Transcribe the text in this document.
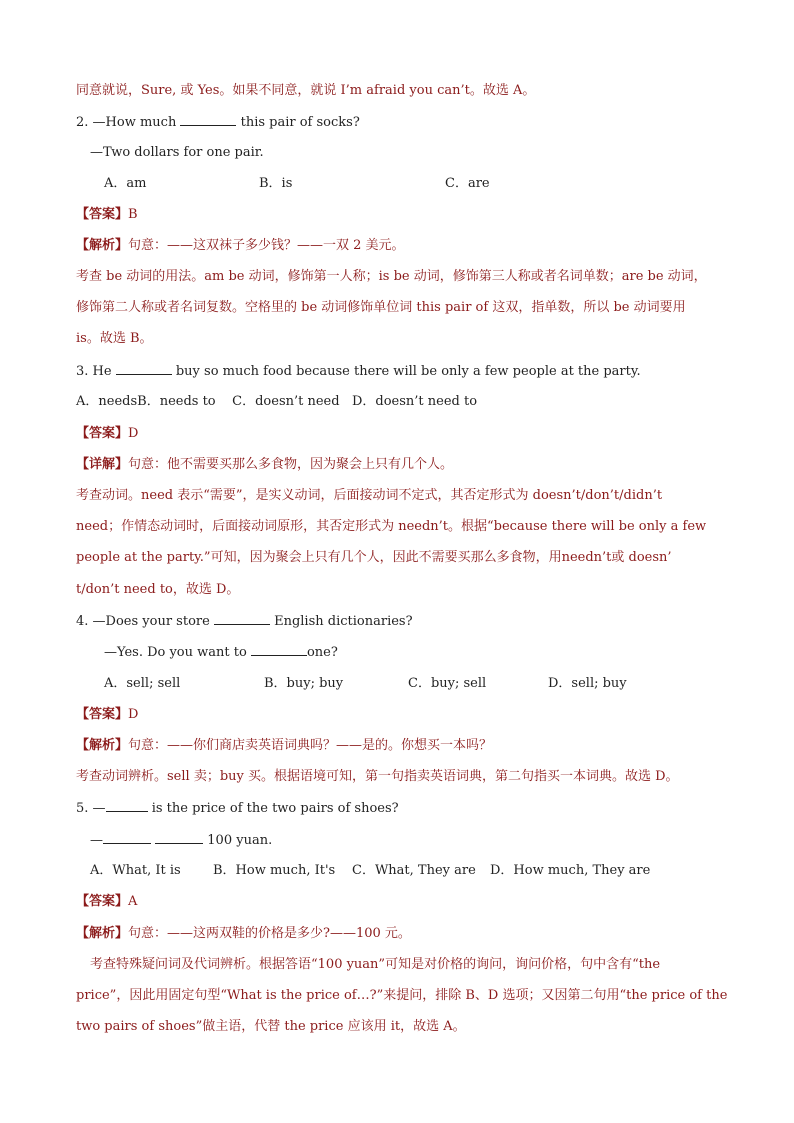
同意就说，Sure, 或 Yes。如果不同意，就说 I’m afraid you can’t。故选 A。
2. —How much	this pair of socks?
—Two dollars for one pair.
A．am	B．is	C．are
【答案】B
【解析】句意：——这双袜子多少钱？——一双 2 美元。
考查 be 动词的用法。am be 动词，修饰第一人称；is be 动词，修饰第三人称或者名词单数；are be 动词，
修饰第二人称或者名词复数。空格里的 be 动词修饰单位词 this pair of 这双，指单数，所以 be 动词要用
is。故选 B。
3. He	buy so much food because there will be only a few people at the party.
A．needsB．needs to    C．doesn’t need   D．doesn’t need to
【答案】D
【详解】句意：他不需要买那么多食物，因为聚会上只有几个人。
考查动词。need 表示“需要”，是实义动词，后面接动词不定式，其否定形式为 doesn’t/don’t/didn’t
need；作情态动词时，后面接动词原形，其否定形式为 needn’t。根据“because there will be only a few
people at the party.”可知，因为聚会上只有几个人，因此不需要买那么多食物，用needn’t或 doesn’
t/don’t need to，故选 D。
4. —Does your store	English dictionaries?
—Yes. Do you want to	one?
A．sell; sell	B．buy; buy	C．buy; sell	D．sell; buy
【答案】D
【解析】句意：——你们商店卖英语词典吗？——是的。你想买一本吗？
考查动词辨析。sell 卖；buy 买。根据语境可知，第一句指卖英语词典，第二句指买一本词典。故选 D。
5. —	is the price of the two pairs of shoes?
—	100 yuan.
A．What, It is B．How much, It's C．What, They are D．How much, They are
【答案】A
【解析】句意：——这两双鞋的价格是多少?——100 元。
考查特殊疑问词及代词辨析。根据答语“100 yuan”可知是对价格的询问，询问价格，句中含有“the
price”，因此用固定句型“What is the price of…?”来提问，排除 B、D 选项；又因第二句用“the price of the
two pairs of shoes”做主语，代替 the price 应该用 it，故选 A。
